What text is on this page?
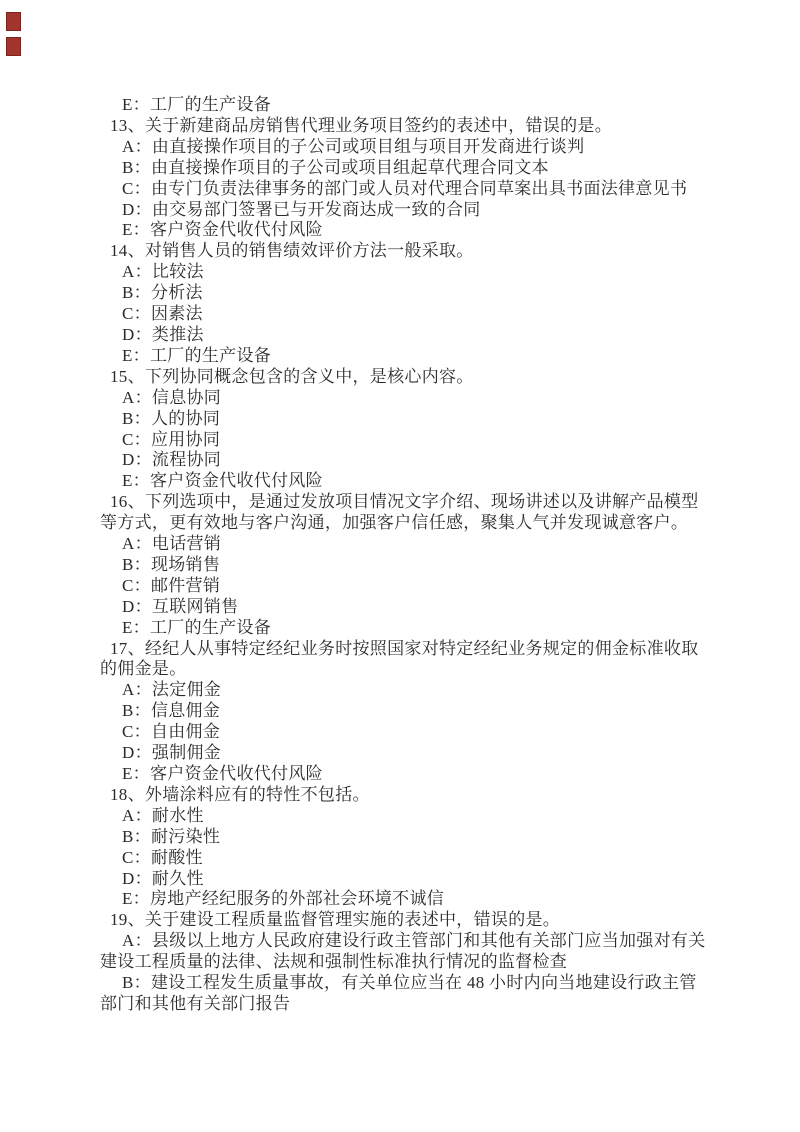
E：工厂的生产设备

13、关于新建商品房销售代理业务项目签约的表述中，错误的是。

A：由直接操作项目的子公司或项目组与项目开发商进行谈判

B：由直接操作项目的子公司或项目组起草代理合同文本

C：由专门负责法律事务的部门或人员对代理合同草案出具书面法律意见书

D：由交易部门签署已与开发商达成一致的合同

E：客户资金代收代付风险

14、对销售人员的销售绩效评价方法一般采取。

A：比较法

B：分析法

C：因素法

D：类推法

E：工厂的生产设备

15、下列协同概念包含的含义中，是核心内容。

A：信息协同

B：人的协同

C：应用协同

D：流程协同

E：客户资金代收代付风险

16、下列选项中，是通过发放项目情况文字介绍、现场讲述以及讲解产品模型等方式，更有效地与客户沟通，加强客户信任感，聚集人气并发现诚意客户。

A：电话营销

B：现场销售

C：邮件营销

D：互联网销售

E：工厂的生产设备

17、经纪人从事特定经纪业务时按照国家对特定经纪业务规定的佣金标准收取的佣金是。

A：法定佣金

B：信息佣金

C：自由佣金

D：强制佣金

E：客户资金代收代付风险

18、外墙涂料应有的特性不包括。

A：耐水性

B：耐污染性

C：耐酸性

D：耐久性

E：房地产经纪服务的外部社会环境不诚信

19、关于建设工程质量监督管理实施的表述中，错误的是。

A：县级以上地方人民政府建设行政主管部门和其他有关部门应当加强对有关建设工程质量的法律、法规和强制性标准执行情况的监督检查

B：建设工程发生质量事故，有关单位应当在 48 小时内向当地建设行政主管部门和其他有关部门报告
